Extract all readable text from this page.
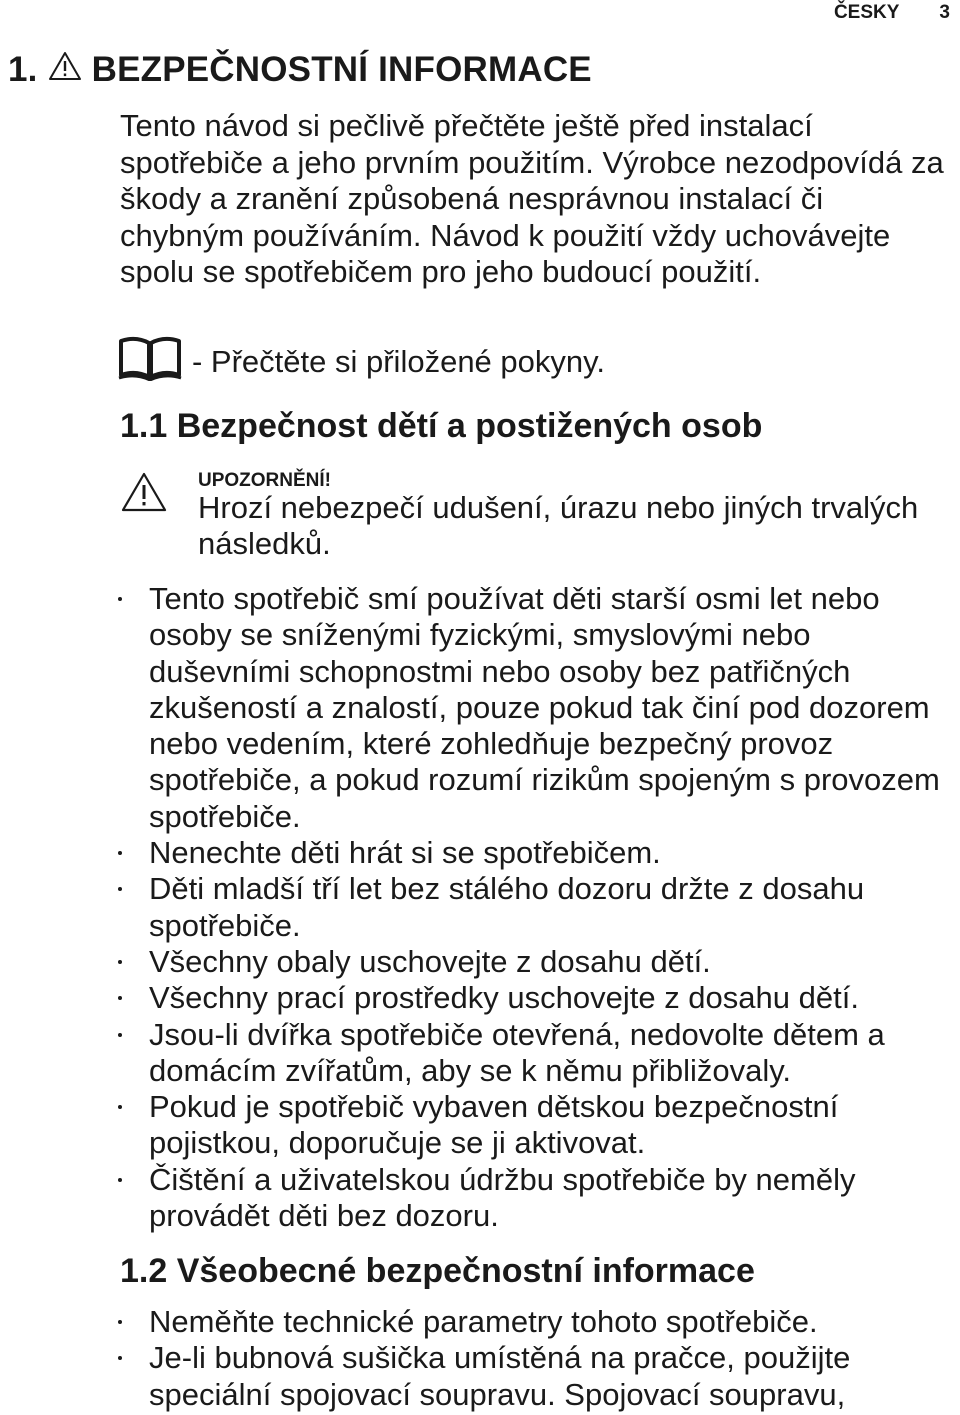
ČESKY 3
1. BEZPEČNOSTNÍ INFORMACE
Tento návod si pečlivě přečtěte ještě před instalací spotřebiče a jeho prvním použitím. Výrobce nezodpovídá za škody a zranění způsobená nesprávnou instalací či chybným používáním. Návod k použití vždy uchovávejte spolu se spotřebičem pro jeho budoucí použití.
- Přečtěte si přiložené pokyny.
1.1 Bezpečnost dětí a postižených osob
UPOZORNĚNÍ!
Hrozí nebezpečí udušení, úrazu nebo jiných trvalých následků.
Tento spotřebič smí používat děti starší osmi let nebo osoby se sníženými fyzickými, smyslovými nebo duševními schopnostmi nebo osoby bez patřičných zkušeností a znalostí, pouze pokud tak činí pod dozorem nebo vedením, které zohledňuje bezpečný provoz spotřebiče, a pokud rozumí rizikům spojeným s provozem spotřebiče.
Nenechte děti hrát si se spotřebičem.
Děti mladší tří let bez stálého dozoru držte z dosahu spotřebiče.
Všechny obaly uschovejte z dosahu dětí.
Všechny prací prostředky uschovejte z dosahu dětí.
Jsou-li dvířka spotřebiče otevřená, nedovolte dětem a domácím zvířatům, aby se k němu přibližovaly.
Pokud je spotřebič vybaven dětskou bezpečnostní pojistkou, doporučuje se ji aktivovat.
Čištění a uživatelskou údržbu spotřebiče by neměly provádět děti bez dozoru.
1.2 Všeobecné bezpečnostní informace
Neměňte technické parametry tohoto spotřebiče.
Je-li bubnová sušička umístěná na pračce, použijte speciální spojovací soupravu. Spojovací soupravu,
